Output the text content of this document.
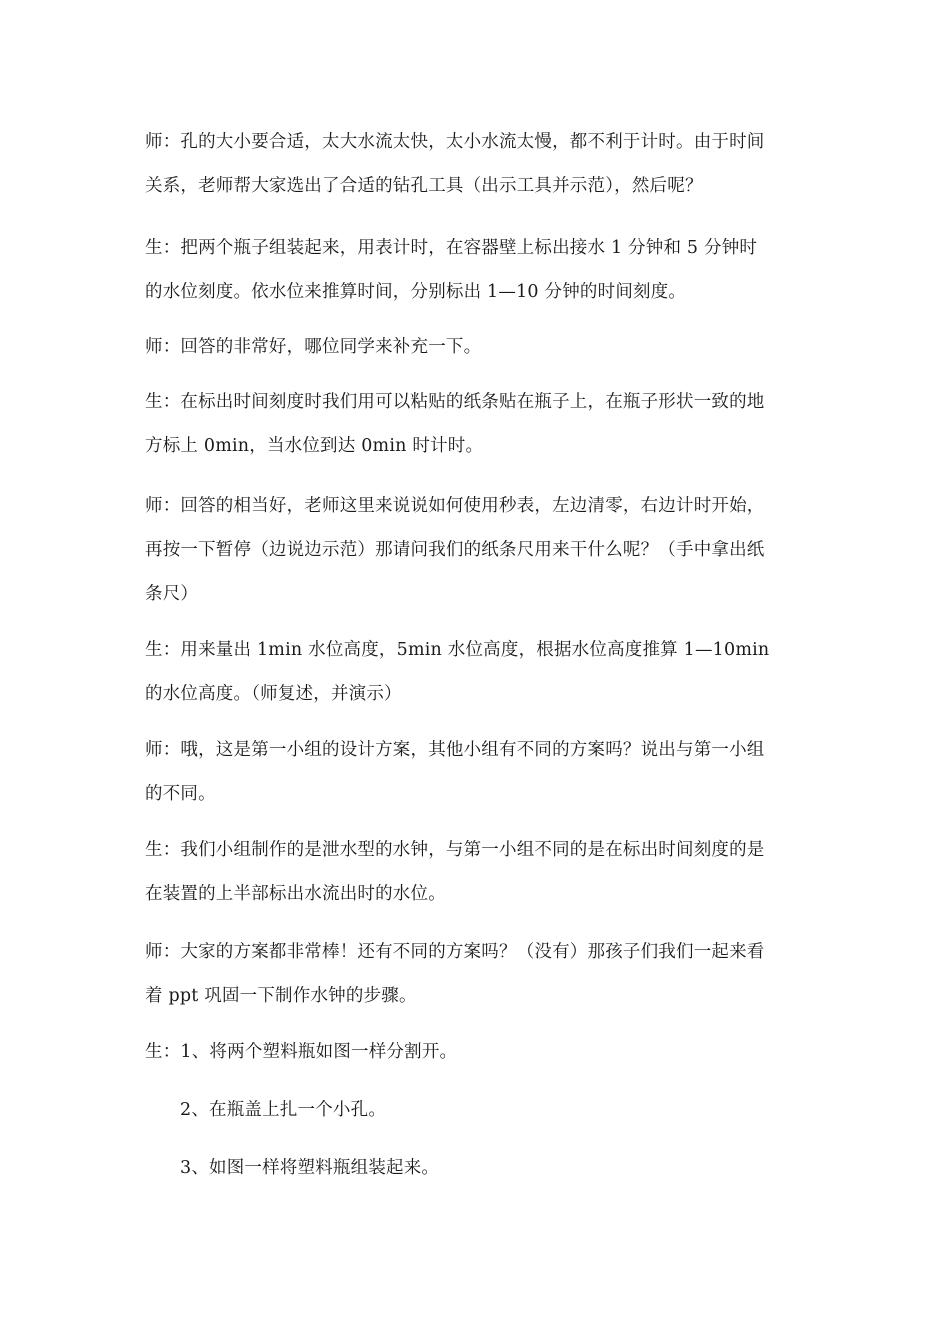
师：孔的大小要合适，太大水流太快，太小水流太慢，都不利于计时。由于时间
关系，老师帮大家选出了合适的钻孔工具（出示工具并示范），然后呢？

生：把两个瓶子组装起来，用表计时，在容器壁上标出接水 1 分钟和 5 分钟时
的水位刻度。依水位来推算时间，分别标出 1—10 分钟的时间刻度。

师：回答的非常好，哪位同学来补充一下。

生：在标出时间刻度时我们用可以粘贴的纸条贴在瓶子上，在瓶子形状一致的地
方标上 0min，当水位到达 0min 时计时。

师：回答的相当好，老师这里来说说如何使用秒表，左边清零，右边计时开始，
再按一下暂停（边说边示范）那请问我们的纸条尺用来干什么呢？（手中拿出纸
条尺）

生：用来量出 1min 水位高度，5min 水位高度，根据水位高度推算 1—10min
的水位高度。（师复述，并演示）

师：哦，这是第一小组的设计方案，其他小组有不同的方案吗？说出与第一小组
的不同。

生：我们小组制作的是泄水型的水钟，与第一小组不同的是在标出时间刻度的是
在装置的上半部标出水流出时的水位。

师：大家的方案都非常棒！还有不同的方案吗？（没有）那孩子们我们一起来看
着 ppt 巩固一下制作水钟的步骤。

生：1、将两个塑料瓶如图一样分割开。

2、在瓶盖上扎一个小孔。

3、如图一样将塑料瓶组装起来。
